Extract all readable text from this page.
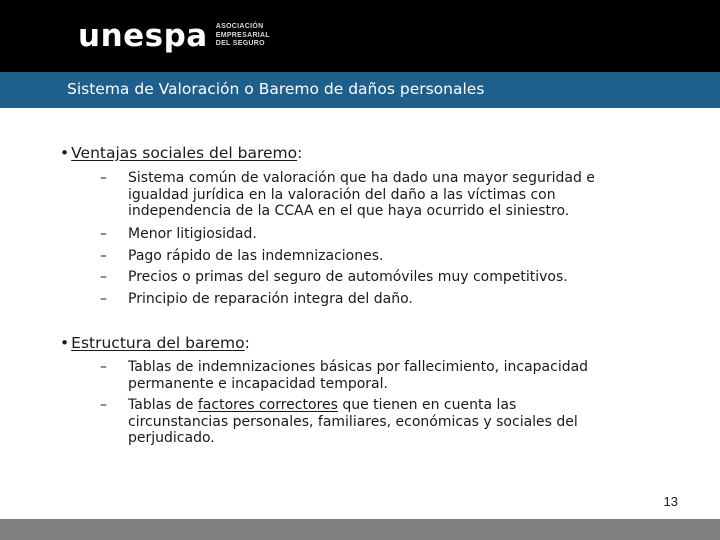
unespa ASOCIACIÓN
EMPRESARIAL
DEL SEGURO
Sistema de Valoración o Baremo de daños personales
• Ventajas sociales del baremo:
–	Sistema común de valoración que ha dado una mayor seguridad e
igualdad jurídica en la valoración del daño a las víctimas con
independencia de la CCAA en el que haya ocurrido el siniestro.
–	Menor litigiosidad.
–	Pago rápido de las indemnizaciones.
–	Precios o primas del seguro de automóviles muy competitivos.
–	Principio de reparación integra del daño.
• Estructura del baremo:
–	Tablas de indemnizaciones básicas por fallecimiento, incapacidad
permanente e incapacidad temporal.
–	Tablas de factores correctores que tienen en cuenta las
circunstancias personales, familiares, económicas y sociales del
perjudicado.
13
